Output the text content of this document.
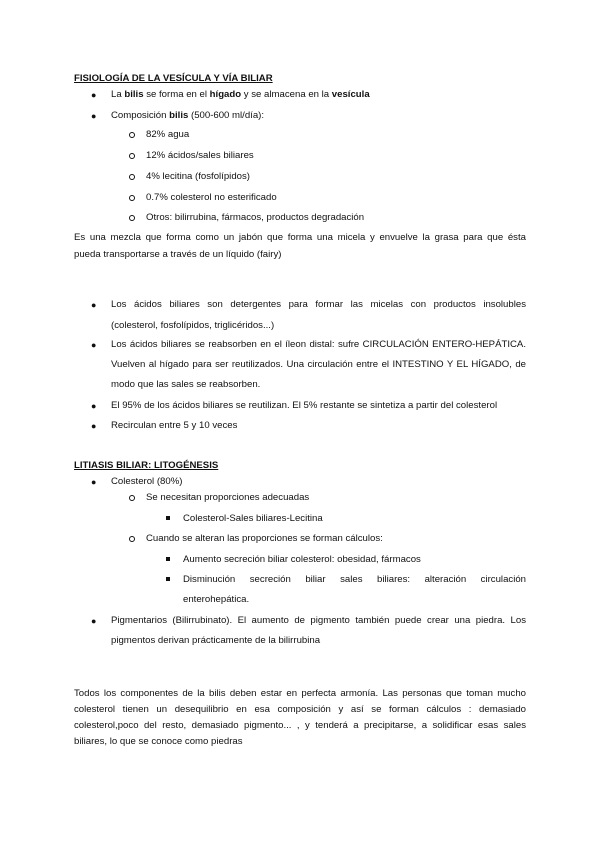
FISIOLOGÍA DE LA VESÍCULA Y VÍA BILIAR
● La bilis se forma en el hígado y se almacena en la vesícula
● Composición bilis (500-600 ml/día):
82% agua
12% ácidos/sales biliares
4% lecitina (fosfolípidos)
0.7% colesterol no esterificado
Otros: bilirrubina, fármacos, productos degradación
Es una mezcla que forma como un jabón que forma una micela y envuelve la grasa para que ésta
pueda transportarse a través de un líquido (fairy)
● Los ácidos biliares son detergentes para formar las micelas con productos insolubles
(colesterol, fosfolípidos, triglicéridos...)
● Los ácidos biliares se reabsorben en el íleon distal: sufre CIRCULACIÓN ENTERO-HEPÁTICA.
Vuelven al hígado para ser reutilizados. Una circulación entre el INTESTINO Y EL HÍGADO, de
modo que las sales se reabsorben.
● El 95% de los ácidos biliares se reutilizan. El 5% restante se sintetiza a partir del colesterol
● Recirculan entre 5 y 10 veces
LITIASIS BILIAR: LITOGÉNESIS
● Colesterol (80%)
Se necesitan proporciones adecuadas
Colesterol-Sales biliares-Lecitina
Cuando se alteran las proporciones se forman cálculos:
Aumento secreción biliar colesterol: obesidad, fármacos
Disminución secreción biliar sales biliares: alteración circulación
enterohepática.
● Pigmentarios (Bilirrubinato). El aumento de pigmento también puede crear una piedra. Los
pigmentos derivan prácticamente de la bilirrubina
Todos los componentes de la bilis deben estar en perfecta armonía. Las personas que toman mucho
colesterol tienen un desequilibrio en esa composición y así se forman cálculos : demasiado
colesterol,poco del resto, demasiado pigmento... , y tenderá a precipitarse, a solidificar esas sales
biliares, lo que se conoce como piedras
